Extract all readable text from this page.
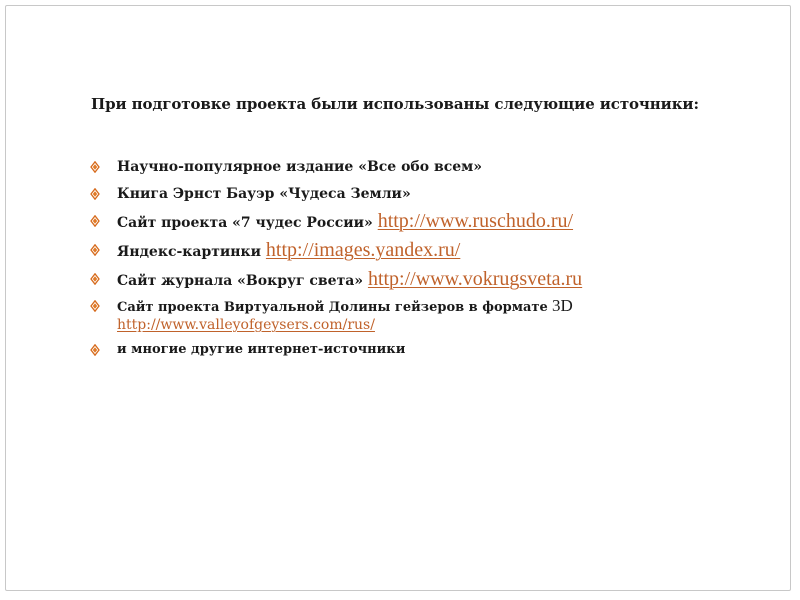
При подготовке проекта были использованы следующие источники:
Научно-популярное издание «Все обо всем»
Книга Эрнст Бауэр «Чудеса Земли»
Сайт проекта «7 чудес России» http://www.ruschudo.ru/
Яндекс-картинки http://images.yandex.ru/
Сайт журнала «Вокруг света» http://www.vokrugsveta.ru
Сайт проекта Виртуальной Долины гейзеров в формате 3D
http://www.valleyofgeysers.com/rus/
и многие другие интернет-источники
